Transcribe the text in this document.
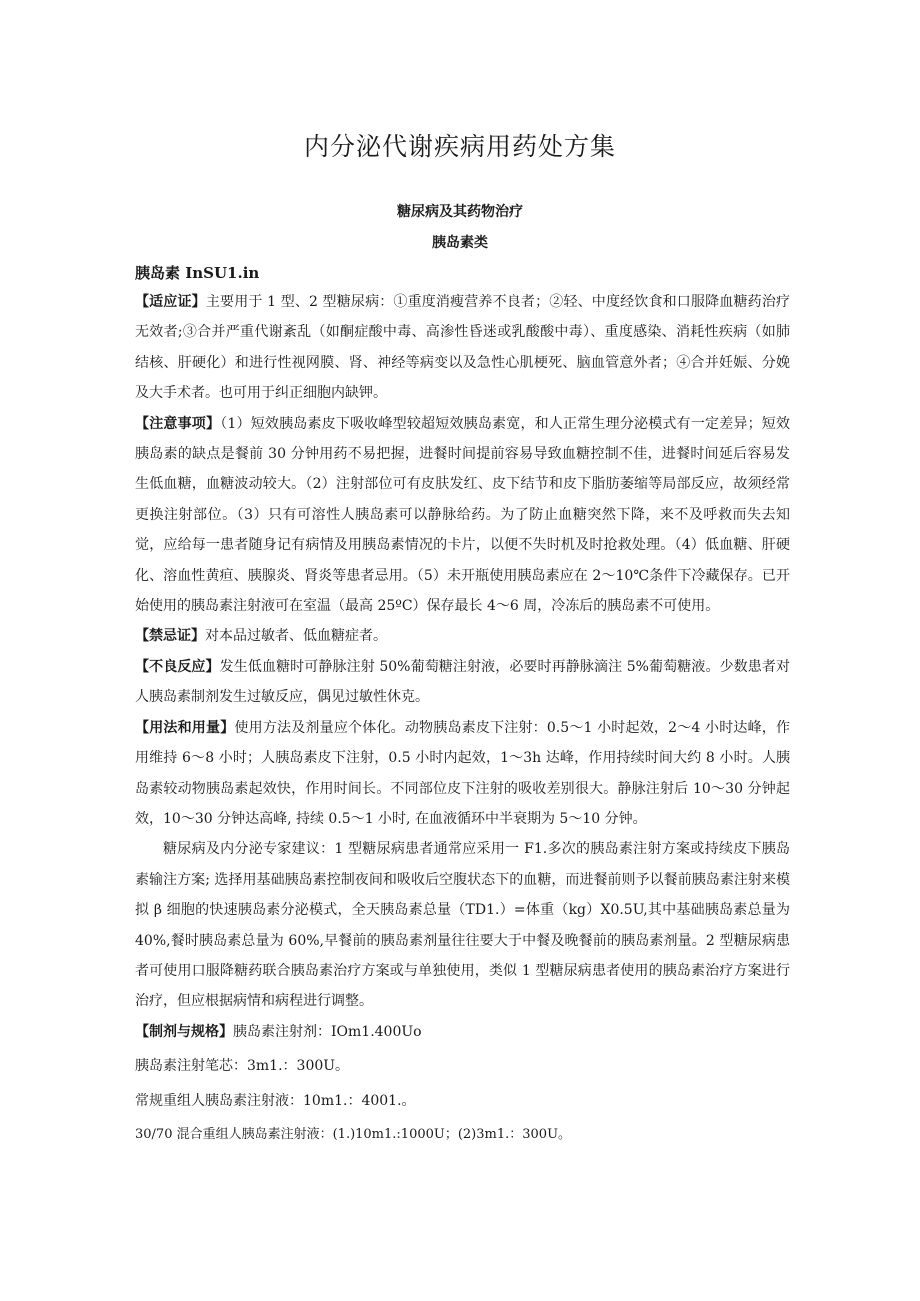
内分泌代谢疾病用药处方集
糖尿病及其药物治疗
胰岛素类
胰岛素 InSU1.in

【适应证】主要用于 1 型、2 型糖尿病：①重度消瘦营养不良者；②轻、中度经饮食和口服降血糖药治疗无效者;③合并严重代谢紊乱（如酮症酸中毒、高渗性昏迷或乳酸酸中毒）、重度感染、消耗性疾病（如肺结核、肝硬化）和进行性视网膜、肾、神经等病变以及急性心肌梗死、脑血管意外者；④合并妊娠、分娩及大手术者。也可用于纠正细胞内缺钾。

【注意事项】（1）短效胰岛素皮下吸收峰型较超短效胰岛素宽，和人正常生理分泌模式有一定差异；短效胰岛素的缺点是餐前 30 分钟用药不易把握，进餐时间提前容易导致血糖控制不佳，进餐时间延后容易发生低血糖，血糖波动较大。（2）注射部位可有皮肤发红、皮下结节和皮下脂肪萎缩等局部反应，故须经常更换注射部位。（3）只有可溶性人胰岛素可以静脉给药。为了防止血糖突然下降，来不及呼救而失去知觉，应给每一患者随身记有病情及用胰岛素情况的卡片，以便不失时机及时抢救处理。（4）低血糖、肝硬化、溶血性黄疸、胰腺炎、肾炎等患者忌用。（5）未开瓶使用胰岛素应在 2～10℃条件下冷藏保存。已开始使用的胰岛素注射液可在室温（最高 25ºC）保存最长 4～6 周，冷冻后的胰岛素不可使用。

【禁忌证】对本品过敏者、低血糖症者。

【不良反应】发生低血糖时可静脉注射 50%葡萄糖注射液，必要时再静脉滴注 5%葡萄糖液。少数患者对人胰岛素制剂发生过敏反应，偶见过敏性休克。

【用法和用量】使用方法及剂量应个体化。动物胰岛素皮下注射：0.5～1 小时起效，2～4 小时达峰，作用维持 6～8 小时；人胰岛素皮下注射，0.5 小时内起效，1～3h 达峰，作用持续时间大约 8 小时。人胰岛素较动物胰岛素起效快，作用时间长。不同部位皮下注射的吸收差别很大。静脉注射后 10～30 分钟起效，10～30 分钟达高峰, 持续 0.5～1 小时, 在血液循环中半衰期为 5～10 分钟。

糖尿病及内分泌专家建议：1 型糖尿病患者通常应采用一 F1.多次的胰岛素注射方案或持续皮下胰岛素输注方案; 选择用基础胰岛素控制夜间和吸收后空腹状态下的血糖，而进餐前则予以餐前胰岛素注射来模拟 β 细胞的快速胰岛素分泌模式，全天胰岛素总量（TD1.）=体重（kg）X0.5U,其中基础胰岛素总量为 40%,餐时胰岛素总量为 60%,早餐前的胰岛素剂量往往要大于中餐及晚餐前的胰岛素剂量。2 型糖尿病患者可使用口服降糖药联合胰岛素治疗方案或与单独使用，类似 1 型糖尿病患者使用的胰岛素治疗方案进行治疗，但应根据病情和病程进行调整。

【制剂与规格】胰岛素注射剂：IOm1.400Uo

胰岛素注射笔芯：3m1.：300U。

常规重组人胰岛素注射液：10m1.：4001.。

30/70 混合重组人胰岛素注射液：(1.)10m1.:1000U；(2)3m1.：300U。
